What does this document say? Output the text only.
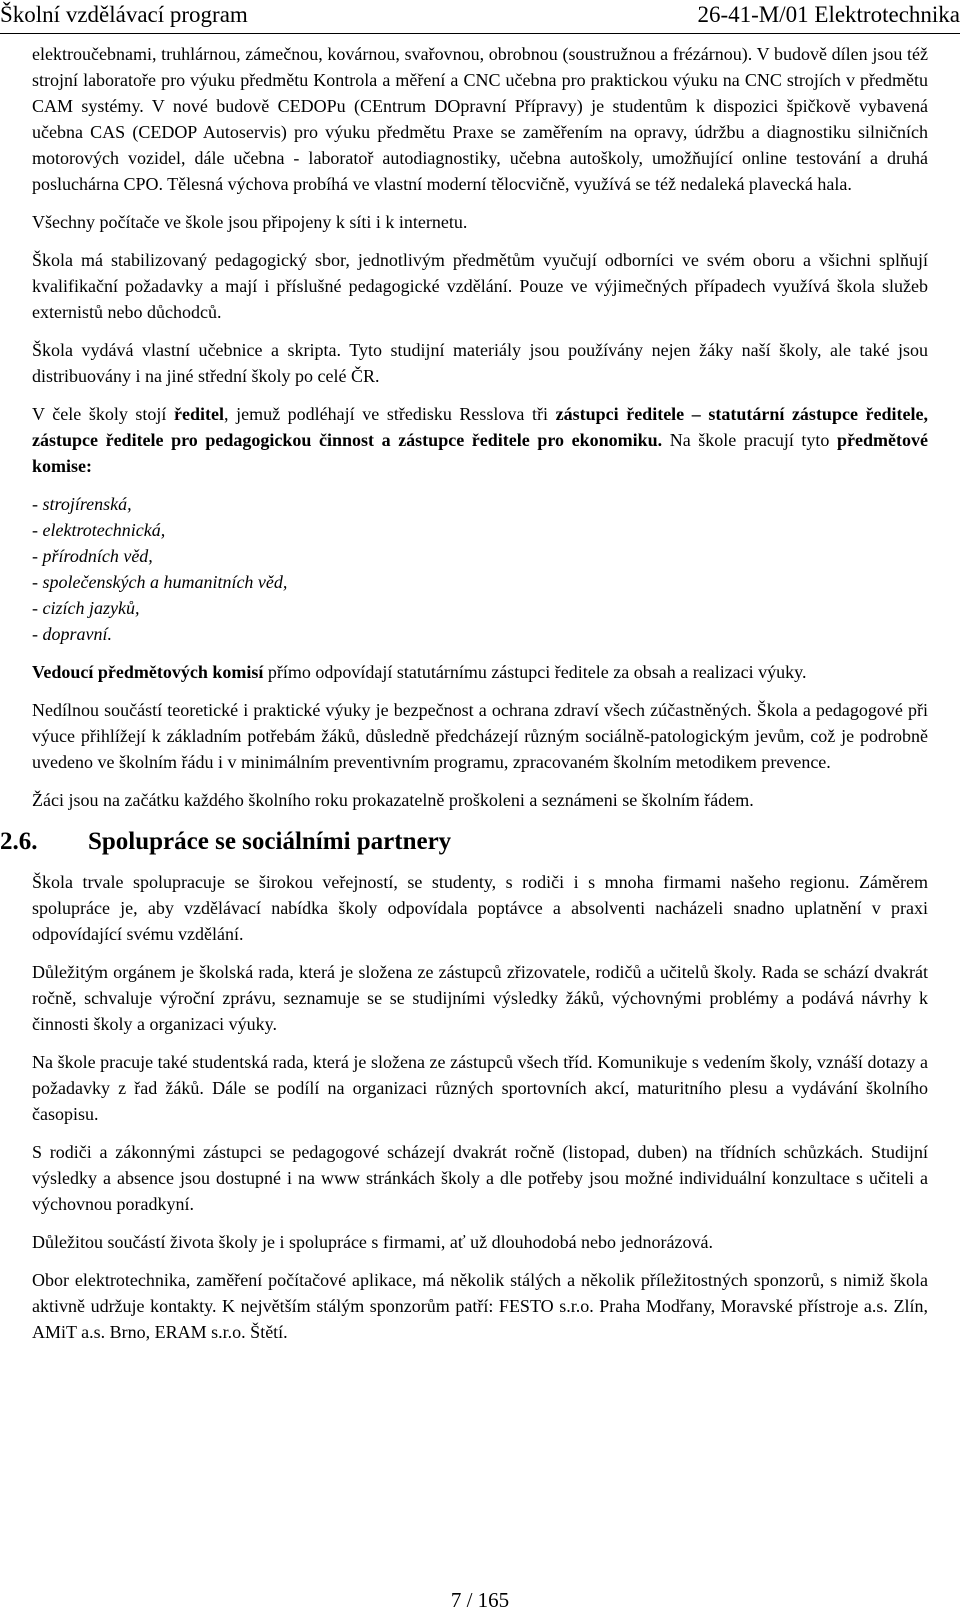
Školní vzdělávací program	26-41-M/01 Elektrotechnika

elektroučebnami, truhlárnou, zámečnou, kovárnou, svařovnou, obrobnou (soustružnou a frézárnou). V budově dílen jsou též strojní laboratoře pro výuku předmětu Kontrola a měření a CNC učebna pro praktickou výuku na CNC strojích v předmětu CAM systémy. V nové budově CEDOPu (CEntrum DOpravní Přípravy) je studentům k dispozici špičkově vybavená učebna CAS (CEDOP Autoservis) pro výuku předmětu Praxe se zaměřením na opravy, údržbu a diagnostiku silničních motorových vozidel, dále učebna - laboratoř autodiagnostiky, učebna autoškoly, umožňující online testování a druhá posluchárna CPO. Tělesná výchova probíhá ve vlastní moderní tělocvičně, využívá se též nedaleká plavecká hala.

Všechny počítače ve škole jsou připojeny k síti i k internetu.

Škola má stabilizovaný pedagogický sbor, jednotlivým předmětům vyučují odborníci ve svém oboru a všichni splňují kvalifikační požadavky a mají i příslušné pedagogické vzdělání. Pouze ve výjimečných případech využívá škola služeb externistů nebo důchodců.

Škola vydává vlastní učebnice a skripta. Tyto studijní materiály jsou používány nejen žáky naší školy, ale také jsou distribuovány i na jiné střední školy po celé ČR.

V čele školy stojí ředitel, jemuž podléhají ve středisku Resslova tři zástupci ředitele – statutární zástupce ředitele, zástupce ředitele pro pedagogickou činnost a zástupce ředitele pro ekonomiku. Na škole pracují tyto předmětové komise:

- strojírenská,
- elektrotechnická,
- přírodních věd,
- společenských a humanitních věd,
- cizích jazyků,
- dopravní.

Vedoucí předmětových komisí přímo odpovídají statutárnímu zástupci ředitele za obsah a realizaci výuky.

Nedílnou součástí teoretické i praktické výuky je bezpečnost a ochrana zdraví všech zúčastněných. Škola a pedagogové při výuce přihlížejí k základním potřebám žáků, důsledně předcházejí různým sociálně-patologickým jevům, což je podrobně uvedeno ve školním řádu i v minimálním preventivním programu, zpracovaném školním metodikem prevence.

Žáci jsou na začátku každého školního roku prokazatelně proškoleni a seznámeni se školním řádem.

2.6. Spolupráce se sociálními partnery

Škola trvale spolupracuje se širokou veřejností, se studenty, s rodiči i s mnoha firmami našeho regionu. Záměrem spolupráce je, aby vzdělávací nabídka školy odpovídala poptávce a absolventi nacházeli snadno uplatnění v praxi odpovídající svému vzdělání.

Důležitým orgánem je školská rada, která je složena ze zástupců zřizovatele, rodičů a učitelů školy. Rada se schází dvakrát ročně, schvaluje výroční zprávu, seznamuje se se studijními výsledky žáků, výchovnými problémy a podává návrhy k činnosti školy a organizaci výuky.

Na škole pracuje také studentská rada, která je složena ze zástupců všech tříd. Komunikuje s vedením školy, vznáší dotazy a požadavky z řad žáků. Dále se podílí na organizaci různých sportovních akcí, maturitního plesu a vydávání školního časopisu.

S rodiči a zákonnými zástupci se pedagogové scházejí dvakrát ročně (listopad, duben) na třídních schůzkách. Studijní výsledky a absence jsou dostupné i na www stránkách školy a dle potřeby jsou možné individuální konzultace s učiteli a výchovnou poradkyní.

Důležitou součástí života školy je i spolupráce s firmami, ať už dlouhodobá nebo jednorázová.

Obor elektrotechnika, zaměření počítačové aplikace, má několik stálých a několik příležitostných sponzorů, s nimiž škola aktivně udržuje kontakty. K největším stálým sponzorům patří: FESTO s.r.o. Praha Modřany, Moravské přístroje a.s. Zlín, AMiT a.s. Brno, ERAM s.r.o. Štětí.

7 / 165
